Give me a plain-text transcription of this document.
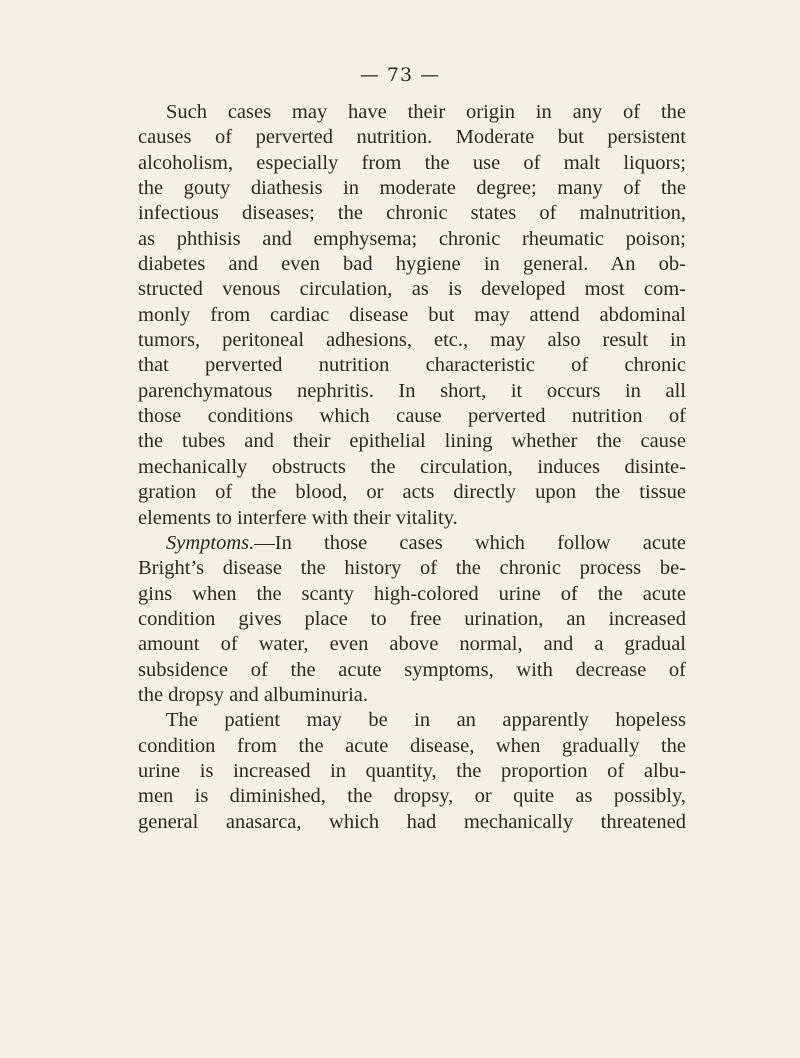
— 73 —
Such cases may have their origin in any of the
causes of perverted nutrition. Moderate but persistent
alcoholism, especially from the use of malt liquors;
the gouty diathesis in moderate degree; many of the
infectious diseases; the chronic states of malnutrition,
as phthisis and emphysema; chronic rheumatic poison;
diabetes and even bad hygiene in general. An ob-
structed venous circulation, as is developed most com-
monly from cardiac disease but may attend abdominal
tumors, peritoneal adhesions, etc., may also result in
that perverted nutrition characteristic of chronic
parenchymatous nephritis. In short, it occurs in all
those conditions which cause perverted nutrition of
the tubes and their epithelial lining whether the cause
mechanically obstructs the circulation, induces disinte-
gration of the blood, or acts directly upon the tissue
elements to interfere with their vitality.
Symptoms.—In those cases which follow acute
Bright’s disease the history of the chronic process be-
gins when the scanty high-colored urine of the acute
condition gives place to free urination, an increased
amount of water, even above normal, and a gradual
subsidence of the acute symptoms, with decrease of
the dropsy and albuminuria.
The patient may be in an apparently hopeless
condition from the acute disease, when gradually the
urine is increased in quantity, the proportion of albu-
men is diminished, the dropsy, or quite as possibly,
general anasarca, which had mechanically threatened
